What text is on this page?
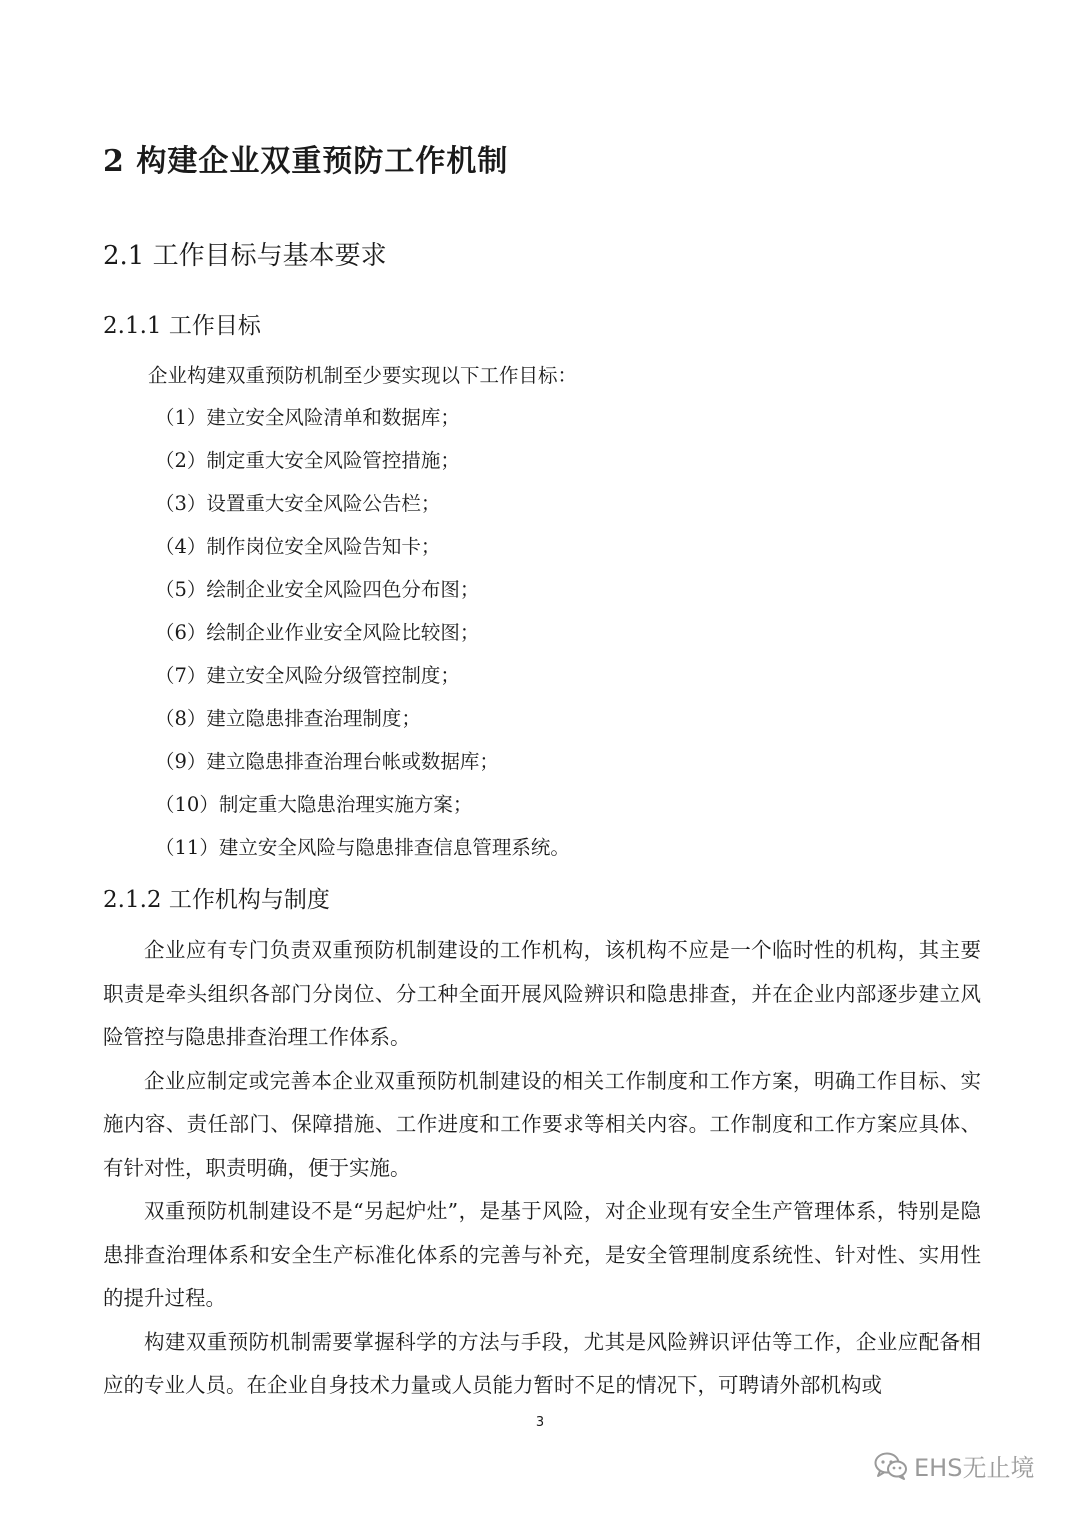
2 构建企业双重预防工作机制
2.1 工作目标与基本要求
2.1.1 工作目标
企业构建双重预防机制至少要实现以下工作目标：
（1）建立安全风险清单和数据库；
（2）制定重大安全风险管控措施；
（3）设置重大安全风险公告栏；
（4）制作岗位安全风险告知卡；
（5）绘制企业安全风险四色分布图；
（6）绘制企业作业安全风险比较图；
（7）建立安全风险分级管控制度；
（8）建立隐患排查治理制度；
（9）建立隐患排查治理台帐或数据库；
（10）制定重大隐患治理实施方案；
（11）建立安全风险与隐患排查信息管理系统。
2.1.2 工作机构与制度

企业应有专门负责双重预防机制建设的工作机构，该机构不应是一个临时性的机构，其主要职责是牵头组织各部门分岗位、分工种全面开展风险辨识和隐患排查，并在企业内部逐步建立风险管控与隐患排查治理工作体系。

企业应制定或完善本企业双重预防机制建设的相关工作制度和工作方案，明确工作目标、实施内容、责任部门、保障措施、工作进度和工作要求等相关内容。工作制度和工作方案应具体、有针对性，职责明确，便于实施。

双重预防机制建设不是“另起炉灶”，是基于风险，对企业现有安全生产管理体系，特别是隐患排查治理体系和安全生产标准化体系的完善与补充，是安全管理制度系统性、针对性、实用性的提升过程。

构建双重预防机制需要掌握科学的方法与手段，尤其是风险辨识评估等工作，企业应配备相应的专业人员。在企业自身技术力量或人员能力暂时不足的情况下，可聘请外部机构或

3
EHS无止境
